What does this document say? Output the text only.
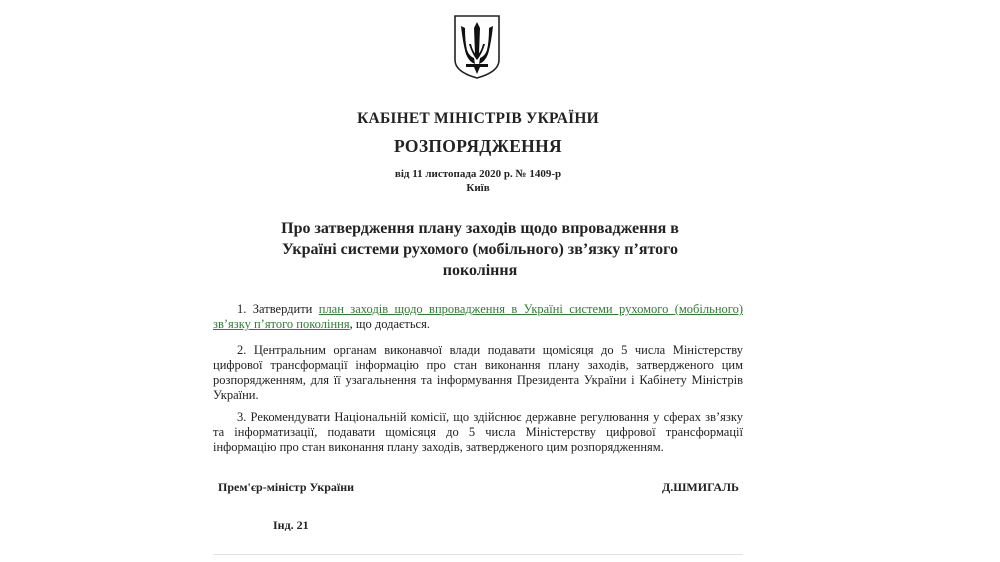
КАБІНЕТ МІНІСТРІВ УКРАЇНИ
РОЗПОРЯДЖЕННЯ
від 11 листопада 2020 р. № 1409-р
Київ
Про затвердження плану заходів щодо впровадження в Україні системи рухомого (мобільного) зв’язку п’ятого покоління

1. Затвердити план заходів щодо впровадження в Україні системи рухомого (мобільного) зв’язку п’ятого покоління, що додається.

2. Центральним органам виконавчої влади подавати щомісяця до 5 числа Міністерству цифрової трансформації інформацію про стан виконання плану заходів, затвердженого цим розпорядженням, для її узагальнення та інформування Президента України і Кабінету Міністрів України.

3. Рекомендувати Національній комісії, що здійснює державне регулювання у сферах зв’язку та інформатизації, подавати щомісяця до 5 числа Міністерству цифрової трансформації інформацію про стан виконання плану заходів, затвердженого цим розпорядженням.

Прем'єр-міністр України	Д.ШМИГАЛЬ
Інд. 21
